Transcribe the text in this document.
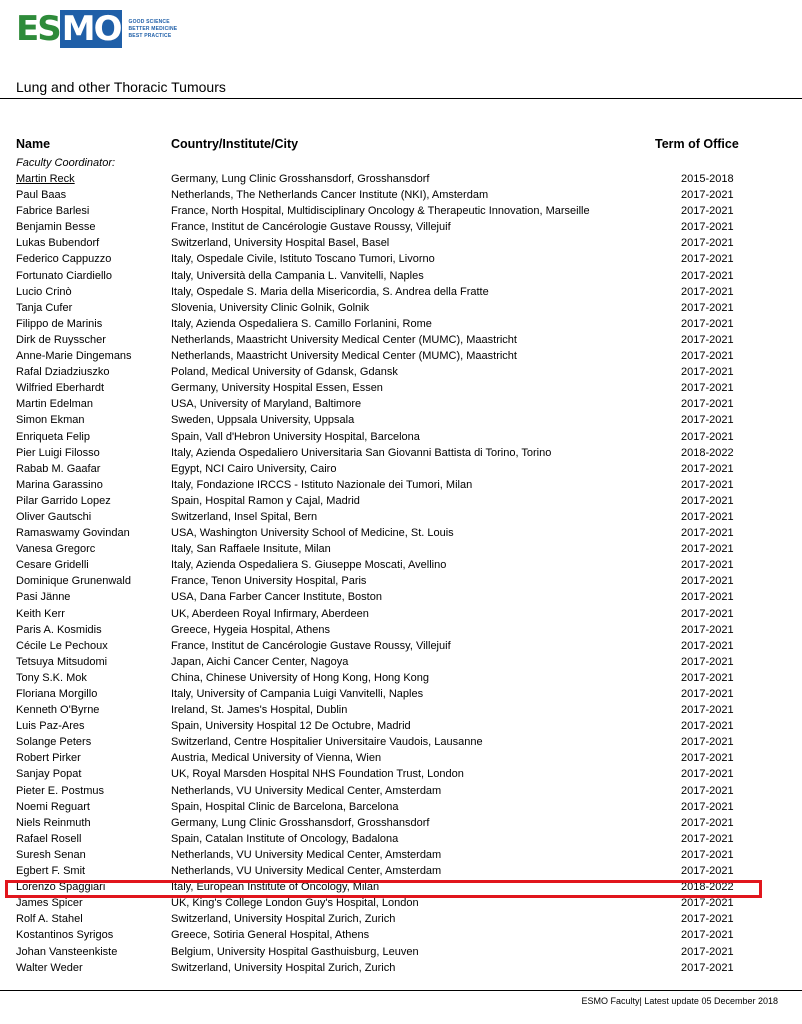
E S MO	GOOD SCIENCE
BETTER MEDICINE
BEST PRACTICE
Lung and other Thoracic Tumours
Name	Country/Institute/City	Term of Office
Faculty Coordinator:
Martin Reck	Germany, Lung Clinic Grosshansdorf, Grosshansdorf	2015-2018
Paul Baas	Netherlands, The Netherlands Cancer Institute (NKI), Amsterdam	2017-2021
Fabrice Barlesi	France, North Hospital, Multidisciplinary Oncology & Therapeutic Innovation, Marseille	2017-2021
Benjamin Besse	France, Institut de Cancérologie Gustave Roussy, Villejuif	2017-2021
Lukas Bubendorf	Switzerland, University Hospital Basel, Basel	2017-2021
Federico Cappuzzo	Italy, Ospedale Civile, Istituto Toscano Tumori, Livorno	2017-2021
Fortunato Ciardiello	Italy, Università della Campania L. Vanvitelli, Naples	2017-2021
Lucio Crinò	Italy, Ospedale S. Maria della Misericordia, S. Andrea della Fratte	2017-2021
Tanja Cufer	Slovenia, University Clinic Golnik, Golnik	2017-2021
Filippo de Marinis	Italy, Azienda Ospedaliera S. Camillo Forlanini, Rome	2017-2021
Dirk de Ruysscher	Netherlands, Maastricht University Medical Center (MUMC), Maastricht	2017-2021
Anne-Marie Dingemans	Netherlands, Maastricht University Medical Center (MUMC), Maastricht	2017-2021
Rafal Dziadziuszko	Poland, Medical University of Gdansk, Gdansk	2017-2021
Wilfried Eberhardt	Germany, University Hospital Essen, Essen	2017-2021
Martin Edelman	USA, University of Maryland, Baltimore	2017-2021
Simon Ekman	Sweden, Uppsala University, Uppsala	2017-2021
Enriqueta Felip	Spain, Vall d'Hebron University Hospital, Barcelona	2017-2021
Pier Luigi Filosso	Italy, Azienda Ospedaliero Universitaria San Giovanni Battista di Torino, Torino	2018-2022
Rabab M. Gaafar	Egypt, NCI Cairo University, Cairo	2017-2021
Marina Garassino	Italy, Fondazione IRCCS - Istituto Nazionale dei Tumori, Milan	2017-2021
Pilar Garrido Lopez	Spain, Hospital Ramon y Cajal, Madrid	2017-2021
Oliver Gautschi	Switzerland, Insel Spital, Bern	2017-2021
Ramaswamy Govindan	USA, Washington University School of Medicine, St. Louis	2017-2021
Vanesa Gregorc	Italy, San Raffaele Insitute, Milan	2017-2021
Cesare Gridelli	Italy, Azienda Ospedaliera S. Giuseppe Moscati, Avellino	2017-2021
Dominique Grunenwald	France, Tenon University Hospital, Paris	2017-2021
Pasi Jänne	USA, Dana Farber Cancer Institute, Boston	2017-2021
Keith Kerr	UK, Aberdeen Royal Infirmary, Aberdeen	2017-2021
Paris A. Kosmidis	Greece, Hygeia Hospital, Athens	2017-2021
Cécile Le Pechoux	France, Institut de Cancérologie Gustave Roussy, Villejuif	2017-2021
Tetsuya Mitsudomi	Japan, Aichi Cancer Center, Nagoya	2017-2021
Tony S.K. Mok	China, Chinese University of Hong Kong, Hong Kong	2017-2021
Floriana Morgillo	Italy, University of Campania Luigi Vanvitelli, Naples	2017-2021
Kenneth O'Byrne	Ireland, St. James's Hospital, Dublin	2017-2021
Luis Paz-Ares	Spain, University Hospital 12 De Octubre, Madrid	2017-2021
Solange Peters	Switzerland, Centre Hospitalier Universitaire Vaudois, Lausanne	2017-2021
Robert Pirker	Austria, Medical University of Vienna, Wien	2017-2021
Sanjay Popat	UK, Royal Marsden Hospital NHS Foundation Trust, London	2017-2021
Pieter E. Postmus	Netherlands, VU University Medical Center, Amsterdam	2017-2021
Noemi Reguart	Spain, Hospital Clinic de Barcelona, Barcelona	2017-2021
Niels Reinmuth	Germany, Lung Clinic Grosshansdorf, Grosshansdorf	2017-2021
Rafael Rosell	Spain, Catalan Institute of Oncology, Badalona	2017-2021
Suresh Senan	Netherlands, VU University Medical Center, Amsterdam	2017-2021
Egbert F. Smit	Netherlands, VU University Medical Center, Amsterdam	2017-2021
Lorenzo Spaggiari	Italy, European Institute of Oncology, Milan	2018-2022
James Spicer	UK, King's College London Guy's Hospital, London	2017-2021
Rolf A. Stahel	Switzerland, University Hospital Zurich, Zurich	2017-2021
Kostantinos Syrigos	Greece, Sotiria General Hospital, Athens	2017-2021
Johan Vansteenkiste	Belgium, University Hospital Gasthuisburg, Leuven	2017-2021
Walter Weder	Switzerland, University Hospital Zurich, Zurich	2017-2021
ESMO Faculty| Latest update 05 December 2018
